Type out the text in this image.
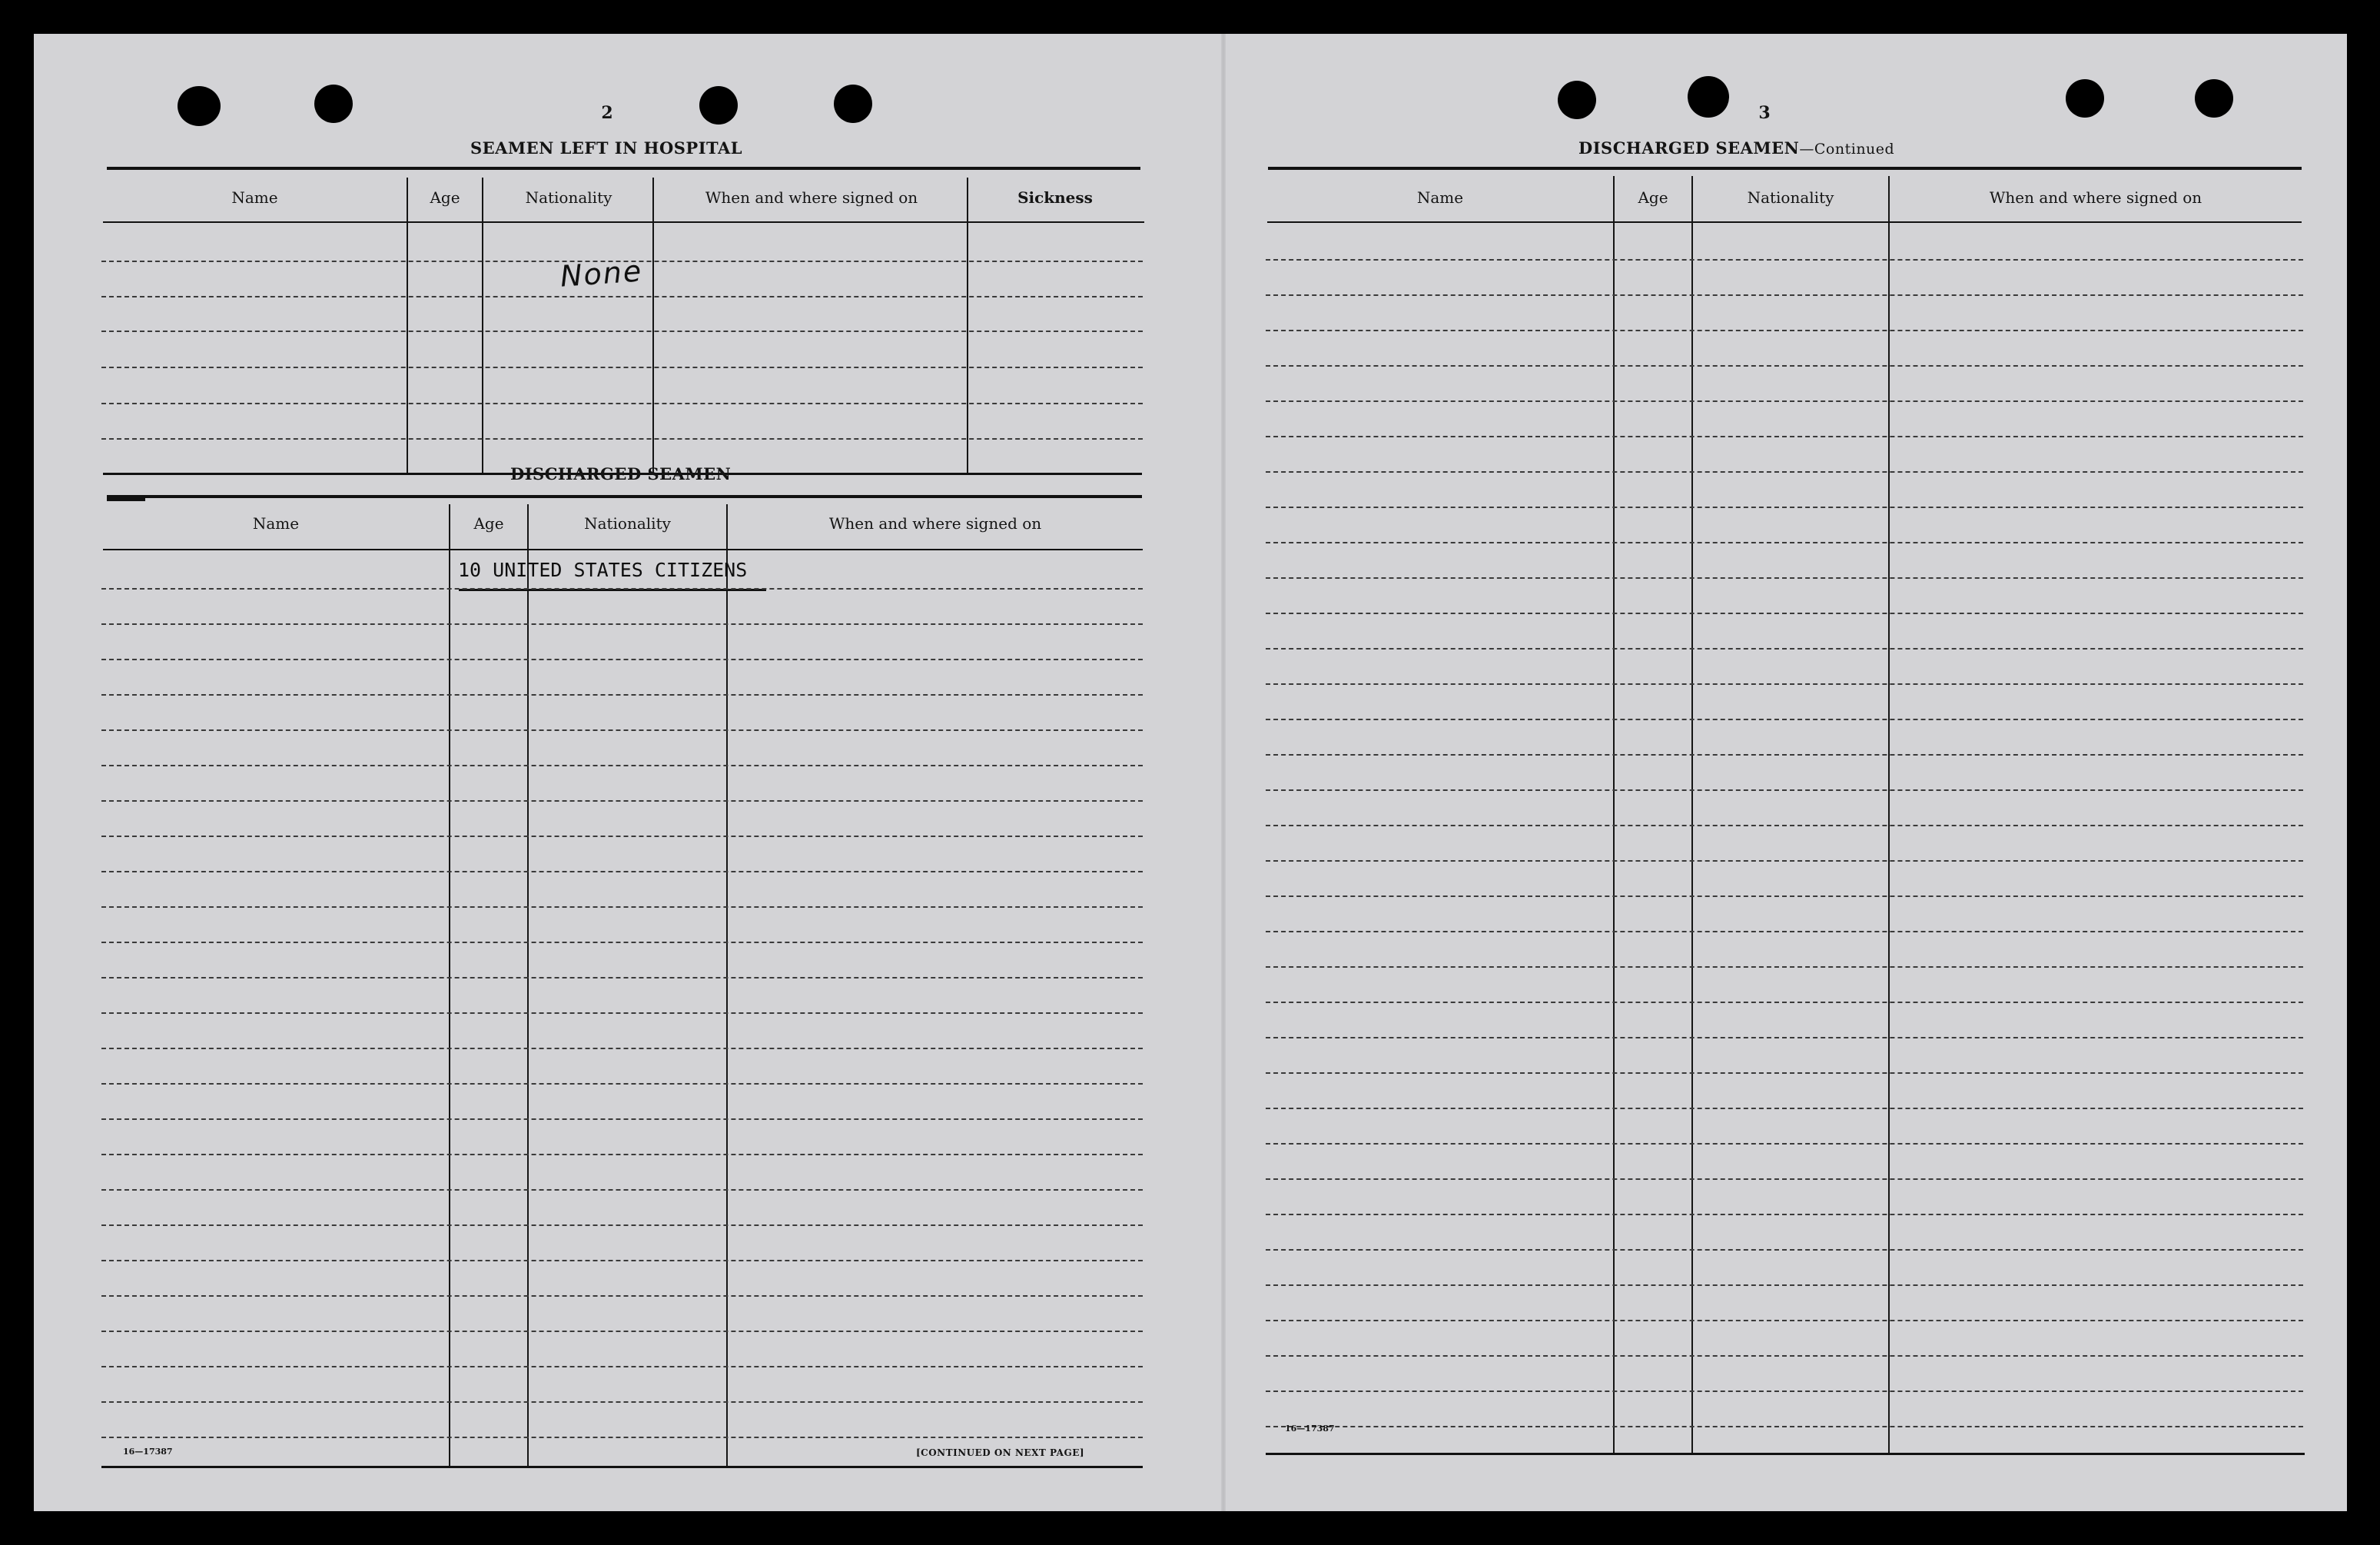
2
SEAMEN LEFT IN HOSPITAL
Name	Age	Nationality	When and where signed on	Sickness
None
DISCHARGED SEAMEN
Name	Age	Nationality	When and where signed on
10 UNITED STATES CITIZENS
16—17387	[CONTINUED ON NEXT PAGE]
3
DISCHARGED SEAMEN—Continued
Name	Age	Nationality	When and where signed on
16—17387
